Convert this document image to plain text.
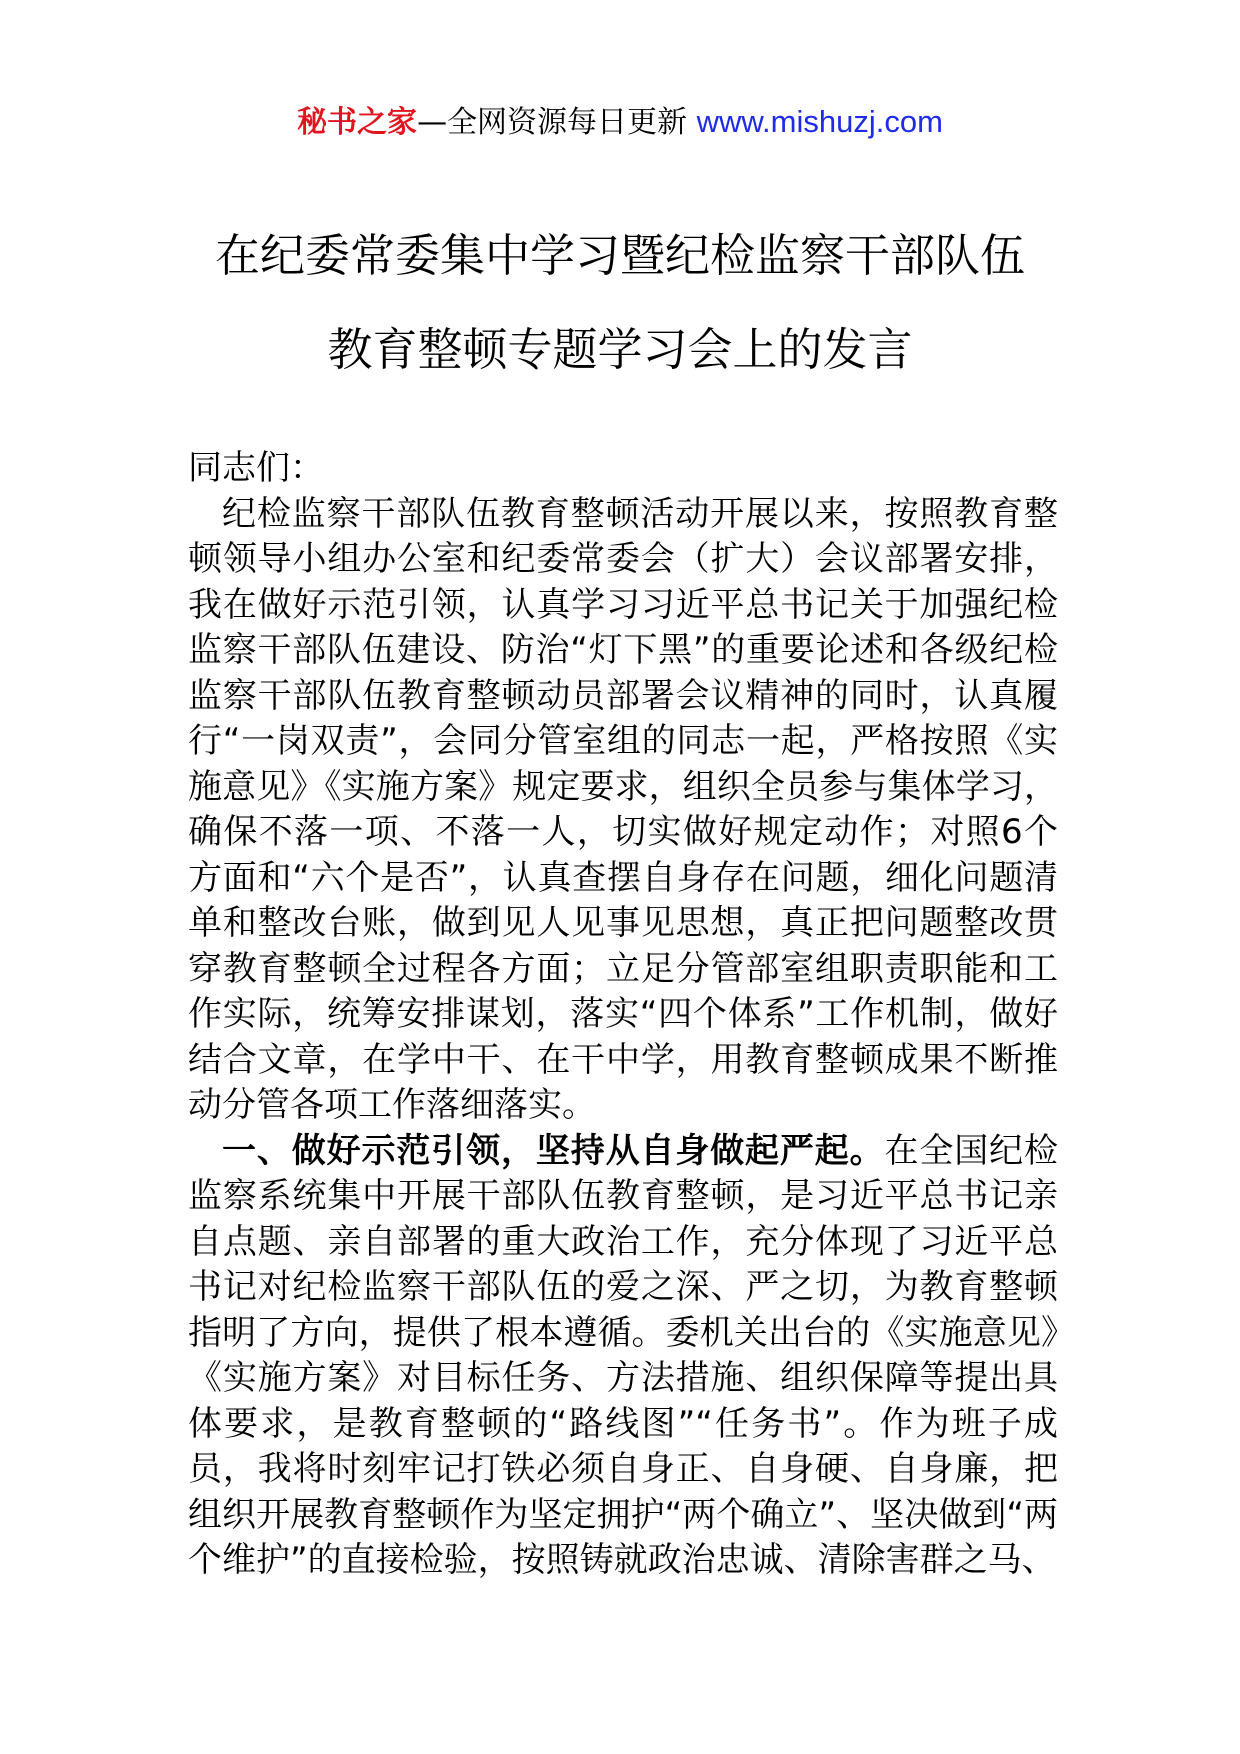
秘书之家—全网资源每日更新 www.mishuzj.com
在纪委常委集中学习暨纪检监察干部队伍
教育整顿专题学习会上的发言

同志们：

纪检监察干部队伍教育整顿活动开展以来，按照教育整顿领导小组办公室和纪委常委会（扩大）会议部署安排，我在做好示范引领，认真学习习近平总书记关于加强纪检监察干部队伍建设、防治“灯下黑”的重要论述和各级纪检监察干部队伍教育整顿动员部署会议精神的同时，认真履行“一岗双责”，会同分管室组的同志一起，严格按照《实施意见》《实施方案》规定要求，组织全员参与集体学习，确保不落一项、不落一人，切实做好规定动作；对照6个方面和“六个是否”，认真查摆自身存在问题，细化问题清单和整改台账，做到见人见事见思想，真正把问题整改贯穿教育整顿全过程各方面；立足分管部室组职责职能和工作实际，统筹安排谋划，落实“四个体系”工作机制，做好结合文章，在学中干、在干中学，用教育整顿成果不断推动分管各项工作落细落实。

一、做好示范引领，坚持从自身做起严起。在全国纪检监察系统集中开展干部队伍教育整顿，是习近平总书记亲自点题、亲自部署的重大政治工作，充分体现了习近平总书记对纪检监察干部队伍的爱之深、严之切，为教育整顿指明了方向，提供了根本遵循。委机关出台的《实施意见》《实施方案》对目标任务、方法措施、组织保障等提出具体要求，是教育整顿的“路线图”“任务书”。作为班子成员，我将时刻牢记打铁必须自身正、自身硬、自身廉，把组织开展教育整顿作为坚定拥护“两个确立”、坚决做到“两个维护”的直接检验，按照铸就政治忠诚、清除害群之马、
